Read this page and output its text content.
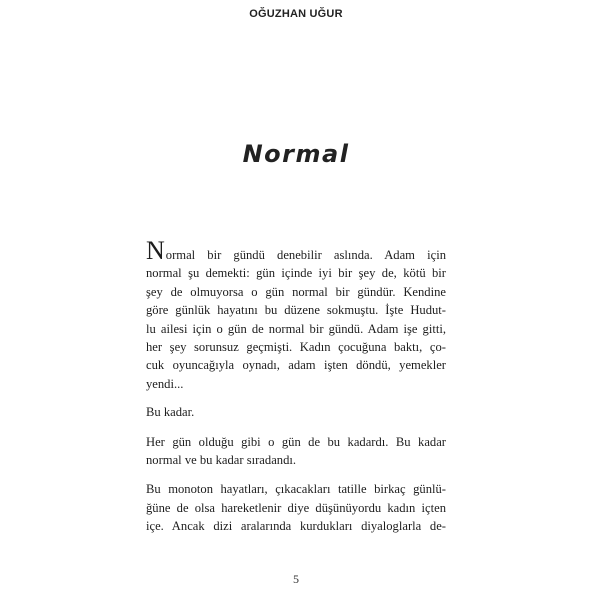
OĞUZHAN UĞUR
Normal

Normal bir gündü denebilir aslında. Adam için
normal şu demekti: gün içinde iyi bir şey de, kötü bir
şey de olmuyorsa o gün normal bir gündür. Kendine
göre günlük hayatını bu düzene sokmuştu. İşte Hudut-
lu ailesi için o gün de normal bir gündü. Adam işe gitti,
her şey sorunsuz geçmişti. Kadın çocuğuna baktı, ço-
cuk oyuncağıyla oynadı, adam işten döndü, yemekler
yendi...

Bu kadar.

Her gün olduğu gibi o gün de bu kadardı. Bu kadar
normal ve bu kadar sıradandı.

Bu monoton hayatları, çıkacakları tatille birkaç günlü-
ğüne de olsa hareketlenir diye düşünüyordu kadın içten
içe. Ancak dizi aralarında kurdukları diyaloglarla de-

5
